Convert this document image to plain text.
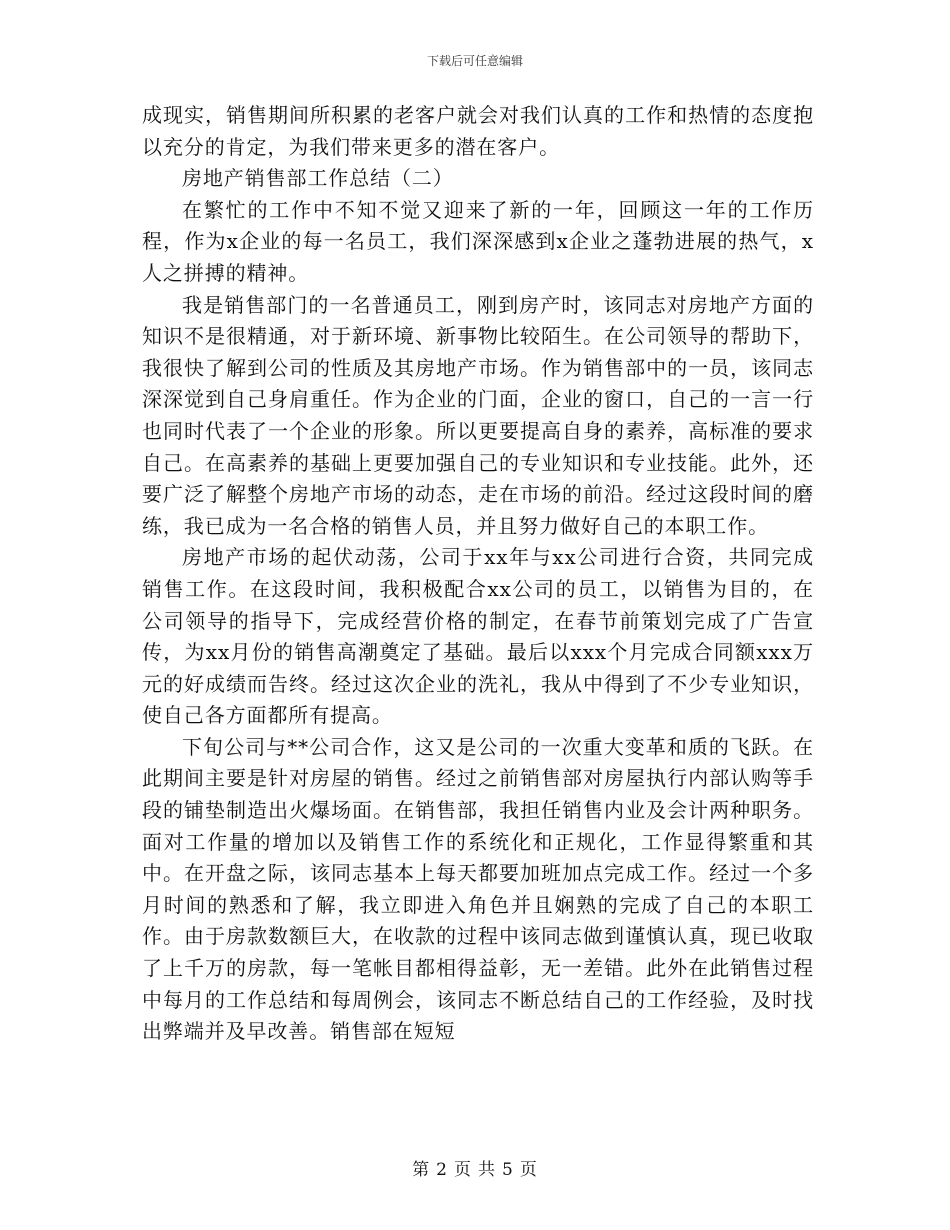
下载后可任意编辑

成现实，销售期间所积累的老客户就会对我们认真的工作和热情的态度抱以充分的肯定，为我们带来更多的潜在客户。

房地产销售部工作总结（二）

在繁忙的工作中不知不觉又迎来了新的一年，回顾这一年的工作历程，作为x企业的每一名员工，我们深深感到x企业之蓬勃进展的热气，x人之拼搏的精神。

我是销售部门的一名普通员工，刚到房产时，该同志对房地产方面的知识不是很精通，对于新环境、新事物比较陌生。在公司领导的帮助下，我很快了解到公司的性质及其房地产市场。作为销售部中的一员，该同志深深觉到自己身肩重任。作为企业的门面，企业的窗口，自己的一言一行也同时代表了一个企业的形象。所以更要提高自身的素养，高标准的要求自己。在高素养的基础上更要加强自己的专业知识和专业技能。此外，还要广泛了解整个房地产市场的动态，走在市场的前沿。经过这段时间的磨练，我已成为一名合格的销售人员，并且努力做好自己的本职工作。

房地产市场的起伏动荡，公司于xx年与xx公司进行合资，共同完成销售工作。在这段时间，我积极配合xx公司的员工，以销售为目的，在公司领导的指导下，完成经营价格的制定，在春节前策划完成了广告宣传，为xx月份的销售高潮奠定了基础。最后以xxx个月完成合同额xxx万元的好成绩而告终。经过这次企业的洗礼，我从中得到了不少专业知识，使自己各方面都所有提高。

下旬公司与**公司合作，这又是公司的一次重大变革和质的飞跃。在此期间主要是针对房屋的销售。经过之前销售部对房屋执行内部认购等手段的铺垫制造出火爆场面。在销售部，我担任销售内业及会计两种职务。面对工作量的增加以及销售工作的系统化和正规化，工作显得繁重和其中。在开盘之际，该同志基本上每天都要加班加点完成工作。经过一个多月时间的熟悉和了解，我立即进入角色并且娴熟的完成了自己的本职工作。由于房款数额巨大，在收款的过程中该同志做到谨慎认真，现已收取了上千万的房款，每一笔帐目都相得益彰，无一差错。此外在此销售过程中每月的工作总结和每周例会，该同志不断总结自己的工作经验，及时找出弊端并及早改善。销售部在短短

第 2 页 共 5 页
